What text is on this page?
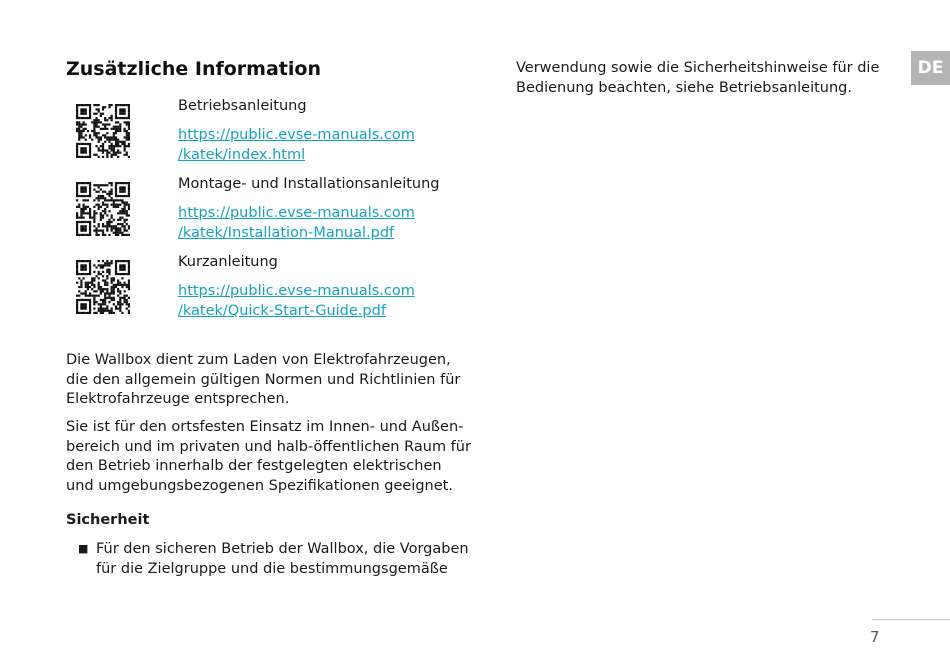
DE
Zusätzliche Information
Betriebsanleitung
https://public.evse-manuals.com
/katek/index.html
Montage- und Installationsanleitung
https://public.evse-manuals.com
/katek/Installation-Manual.pdf
Kurzanleitung
https://public.evse-manuals.com
/katek/Quick-Start-Guide.pdf

Die Wallbox dient zum Laden von Elektrofahrzeugen,
die den allgemein gültigen Normen und Richtlinien für
Elektrofahrzeuge entsprechen.

Sie ist für den ortsfesten Einsatz im Innen- und Außen-
bereich und im privaten und halb-öffentlichen Raum für
den Betrieb innerhalb der festgelegten elektrischen
und umgebungsbezogenen Spezifikationen geeignet.

Sicherheit
■ Für den sicheren Betrieb der Wallbox, die Vorgaben
für die Zielgruppe und die bestimmungsgemäße

Verwendung sowie die Sicherheitshinweise für die
Bedienung beachten, siehe Betriebsanleitung.

7
